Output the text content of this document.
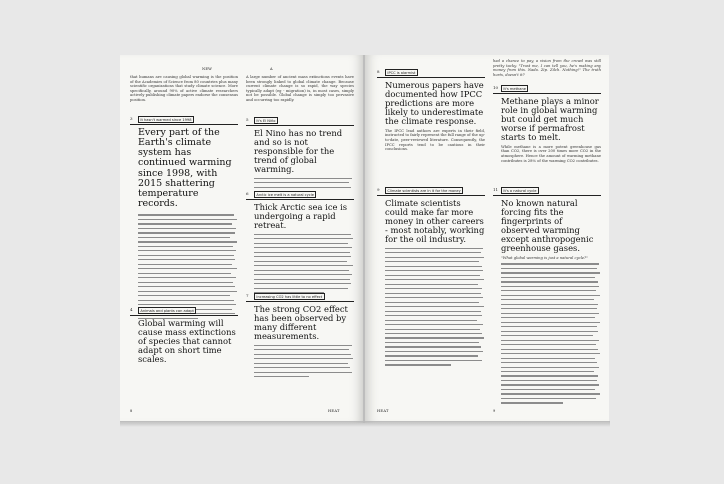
NEW	A
that humans are causing global warming is the position of the Academies of Science from 80 countries plus many scientific organizations that study climate science. More specifically, around 90% of active climate researchers actively publishing climate papers endorse the consensus position.
3	It hasn't warmed since 1998
Every part of the Earth's climate system has continued warming since 1998, with 2015 shattering temperature records.
4	Animals and plants can adapt
Global warming will cause mass extinctions of species that cannot adapt on short time scales.
A large number of ancient mass extinctions events have been strongly linked to global climate change. Because current climate change is so rapid, the way species typically adapt (eg - migration) is, in most cases, simply not be possible. Global change is simply too pervasive and occurring too rapidly.
5	It's El Niño
El Nino has no trend and so is not responsible for the trend of global warming.
6	Arctic ice melt is a natural cycle
Thick Arctic sea ice is undergoing a rapid retreat.
7	Increasing CO2 has little to no effect
The strong CO2 effect has been observed by many different measurements.
8	HEAT
8	IPCC is alarmist
Numerous papers have documented how IPCC predictions are more likely to underestimate the climate response.
The IPCC lead authors are experts in their field, instructed to fairly represent the full range of the up-to-date, peer-reviewed literature. Consequently, the IPCC reports tend to be cautious in their conclusions.
9	Climate scientists are in it for the money
Climate scientists could make far more money in other careers - most notably, working for the oil industry.
HEAT
had a chance to pay, a vision from the crowd was still pretty tacky. "Trust me, I can tell you, he's making any money from this. Nada. Zip. Zilch. Nothing!" The truth hurts, doesn't it?
10	It's methane
Methane plays a minor role in global warming but could get much worse if permafrost starts to melt.
While methane is a more potent greenhouse gas than CO2, there is over 200 times more CO2 in the atmosphere. Hence the amount of warming methane contributes is 28% of the warming CO2 contributes.
11	It's a natural cycle
No known natural forcing fits the fingerprints of observed warming except anthropogenic greenhouse gases.
"What global warming is just a natural cycle?"
9
